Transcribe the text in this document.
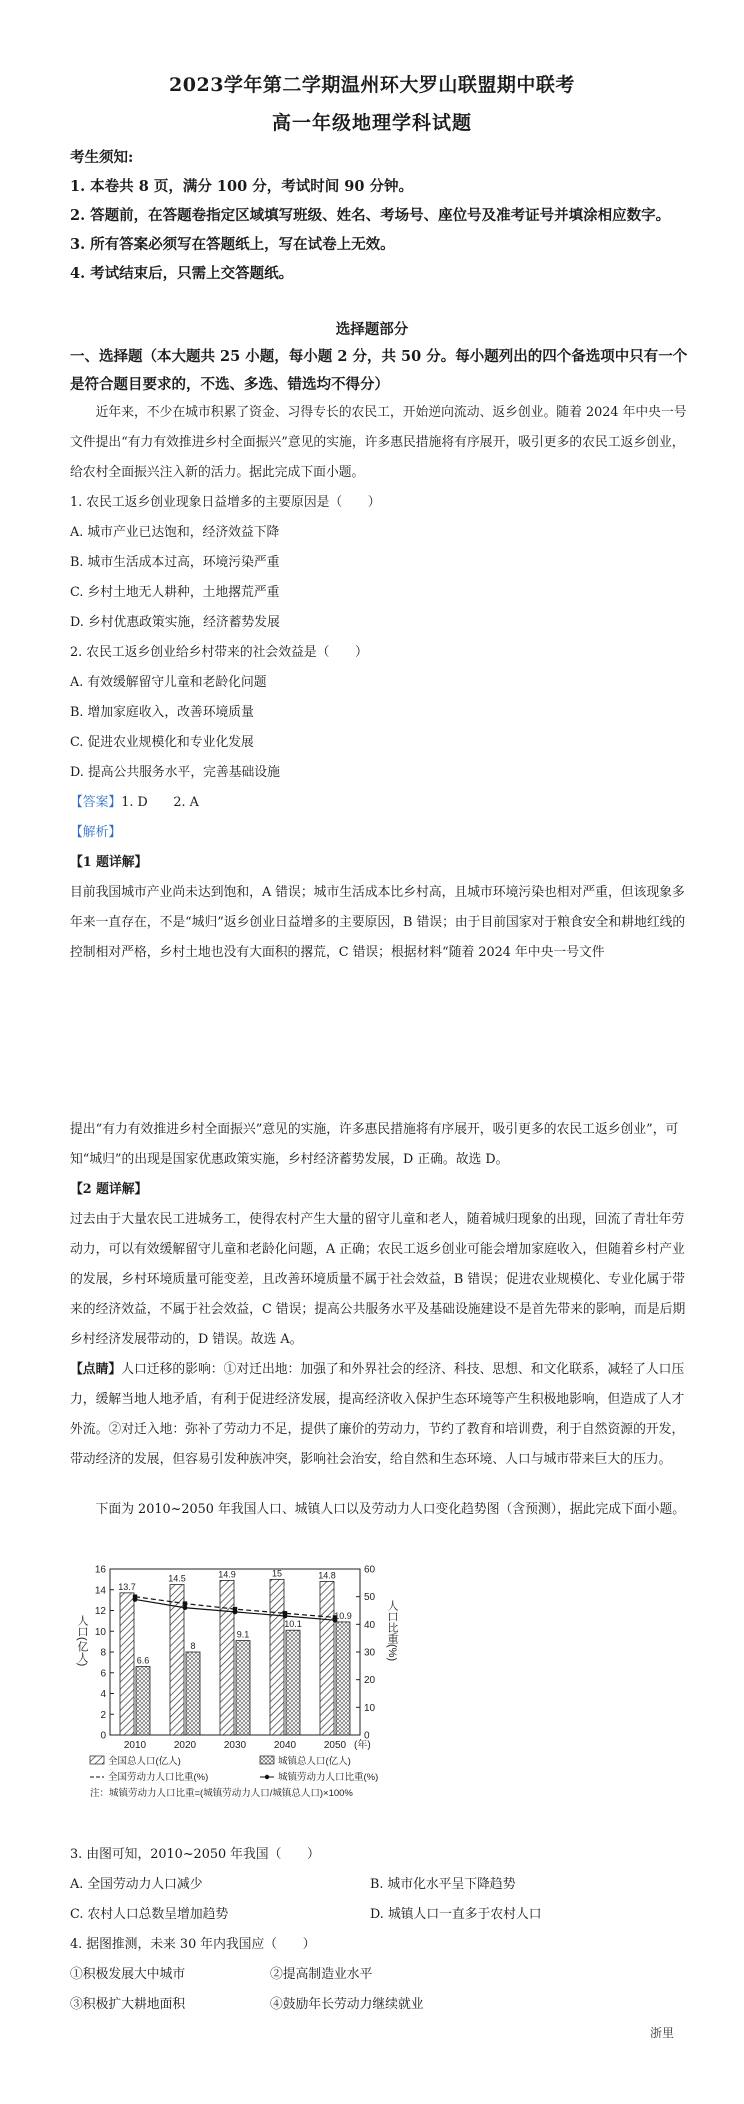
2023学年第二学期温州环大罗山联盟期中联考
高一年级地理学科试题
考生须知:
1. 本卷共 8 页，满分 100 分，考试时间 90 分钟。
2. 答题前，在答题卷指定区域填写班级、姓名、考场号、座位号及准考证号并填涂相应数字。
3. 所有答案必须写在答题纸上，写在试卷上无效。
4. 考试结束后，只需上交答题纸。
选择题部分
一、选择题（本大题共 25 小题，每小题 2 分，共 50 分。每小题列出的四个备选项中只有一个是符合题目要求的，不选、多选、错选均不得分）
近年来，不少在城市积累了资金、习得专长的农民工，开始逆向流动、返乡创业。随着 2024 年中央一号文件提出“有力有效推进乡村全面振兴”意见的实施，许多惠民措施将有序展开，吸引更多的农民工返乡创业，给农村全面振兴注入新的活力。据此完成下面小题。
1. 农民工返乡创业现象日益增多的主要原因是（　　）
A. 城市产业已达饱和，经济效益下降
B. 城市生活成本过高，环境污染严重
C. 乡村土地无人耕种，土地撂荒严重
D. 乡村优惠政策实施，经济蓄势发展
2. 农民工返乡创业给乡村带来的社会效益是（　　）
A. 有效缓解留守儿童和老龄化问题
B. 增加家庭收入，改善环境质量
C. 促进农业规模化和专业化发展
D. 提高公共服务水平，完善基础设施
【答案】1. D　　2. A
【解析】
【1 题详解】
目前我国城市产业尚未达到饱和，A 错误；城市生活成本比乡村高，且城市环境污染也相对严重，但该现象多年来一直存在，不是“城归”返乡创业日益增多的主要原因，B 错误；由于目前国家对于粮食安全和耕地红线的控制相对严格，乡村土地也没有大面积的撂荒，C 错误；根据材料“随着 2024 年中央一号文件
提出“有力有效推进乡村全面振兴”意见的实施，许多惠民措施将有序展开，吸引更多的农民工返乡创业”，可知“城归”的出现是国家优惠政策实施，乡村经济蓄势发展，D 正确。故选 D。
【2 题详解】
过去由于大量农民工进城务工，使得农村产生大量的留守儿童和老人，随着城归现象的出现，回流了青壮年劳动力，可以有效缓解留守儿童和老龄化问题，A 正确；农民工返乡创业可能会增加家庭收入，但随着乡村产业的发展，乡村环境质量可能变差，且改善环境质量不属于社会效益，B 错误；促进农业规模化、专业化属于带来的经济效益，不属于社会效益，C 错误；提高公共服务水平及基础设施建设不是首先带来的影响，而是后期乡村经济发展带动的，D 错误。故选 A。
【点睛】人口迁移的影响：①对迁出地：加强了和外界社会的经济、科技、思想、和文化联系，减轻了人口压力，缓解当地人地矛盾，有利于促进经济发展，提高经济收入保护生态环境等产生积极地影响，但造成了人才外流。②对迁入地：弥补了劳动力不足，提供了廉价的劳动力，节约了教育和培训费，利于自然资源的开发，带动经济的发展，但容易引发种族冲突，影响社会治安，给自然和生态环境、人口与城市带来巨大的压力。
下面为 2010~2050 年我国人口、城镇人口以及劳动力人口变化趋势图（含预测），据此完成下面小题。
0
2
4
6
8
10
12
14
16
0
10
20
30
40
50
60
人口(亿人)	人口比重(%)
13.7
6.6
2010
14.5
8
2020
14.9
9.1
2030
15
10.1
2040
14.8
10.9
2050 (年)
全国总人口(亿人)	城镇总人口(亿人)
全国劳动力人口比重(%)	城镇劳动力人口比重(%)
注：城镇劳动力人口比重=(城镇劳动力人口/城镇总人口)×100%
3. 由图可知，2010~2050 年我国（　　）
A. 全国劳动力人口减少	B. 城市化水平呈下降趋势
C. 农村人口总数呈增加趋势	D. 城镇人口一直多于农村人口
4. 据图推测，未来 30 年内我国应（　　）
①积极发展大中城市	②提高制造业水平
③积极扩大耕地面积	④鼓励年长劳动力继续就业
浙里
